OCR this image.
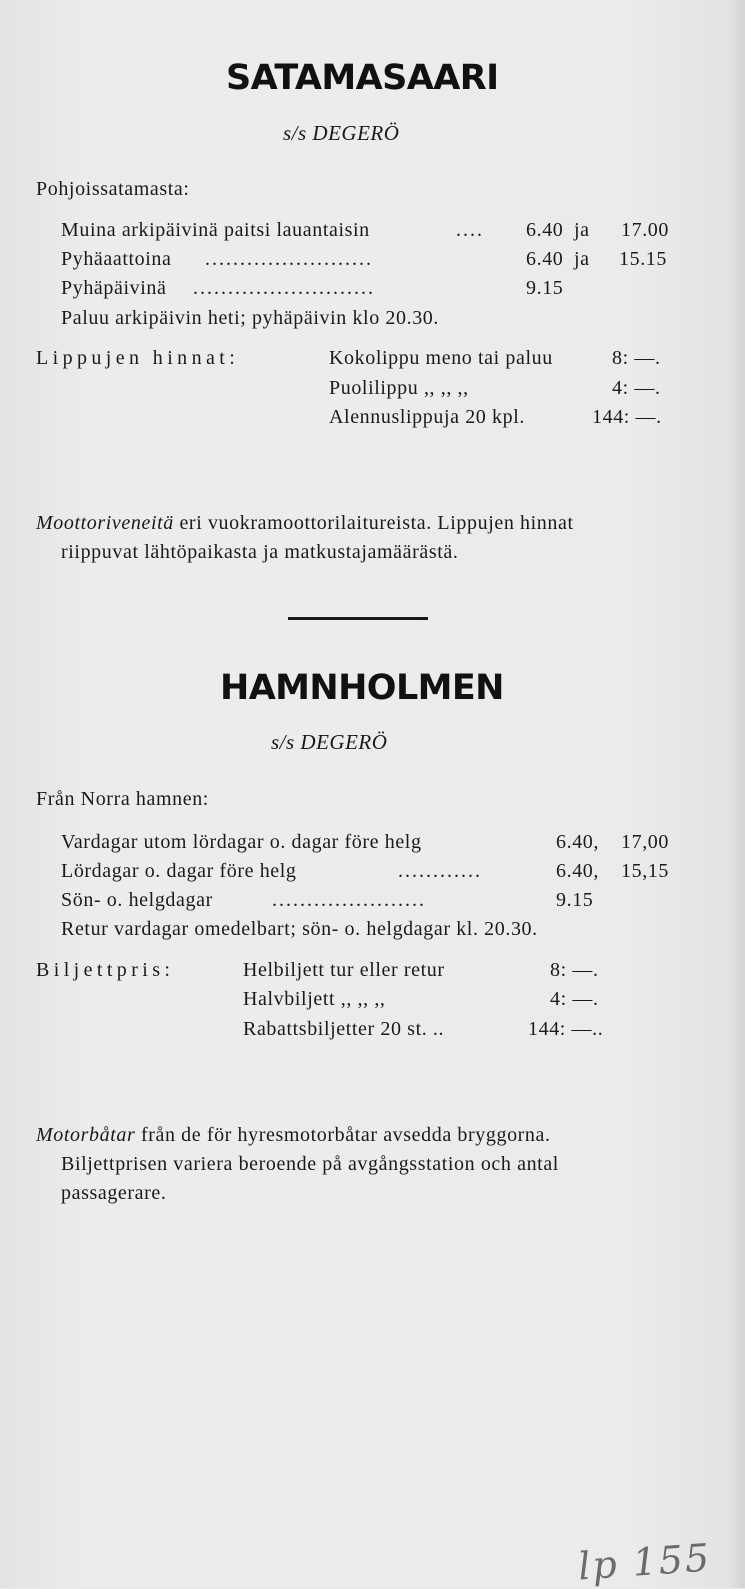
SATAMASAARI
s/s DEGERÖ
Pohjoissatamasta:
Muina arkipäivinä paitsi lauantaisin	.... 6.40 ja 17.00
Pyhäaattoina ........................	6.40 ja 15.15
Pyhäpäivinä ..........................	9.15
Paluu arkipäivin heti; pyhäpäivin klo 20.30.
Lippujen hinnat:	Kokolippu meno tai paluu	8: —.
Puolilippu ,, ,, ,,	4: —.
Alennuslippuja 20 kpl.	144: —.
Moottoriveneitä eri vuokramoottorilaitureista. Lippujen hinnat
riippuvat lähtöpaikasta ja matkustajamäärästä.
HAMNHOLMEN
s/s DEGERÖ
Från Norra hamnen:
Vardagar utom lördagar o. dagar före helg	6.40, 17,00
Lördagar o. dagar före helg	............	6.40, 15,15
Sön- o. helgdagar	......................	9.15
Retur vardagar omedelbart; sön- o. helgdagar kl. 20.30.
Biljettpris:	Helbiljett tur eller retur	8: —.
Halvbiljett ,, ,, ,,	4: —.
Rabattsbiljetter 20 st. ..	144: —..
Motorbåtar från de för hyresmotorbåtar avsedda bryggorna.
Biljettprisen variera beroende på avgångsstation och antal
passagerare.
lp 155
